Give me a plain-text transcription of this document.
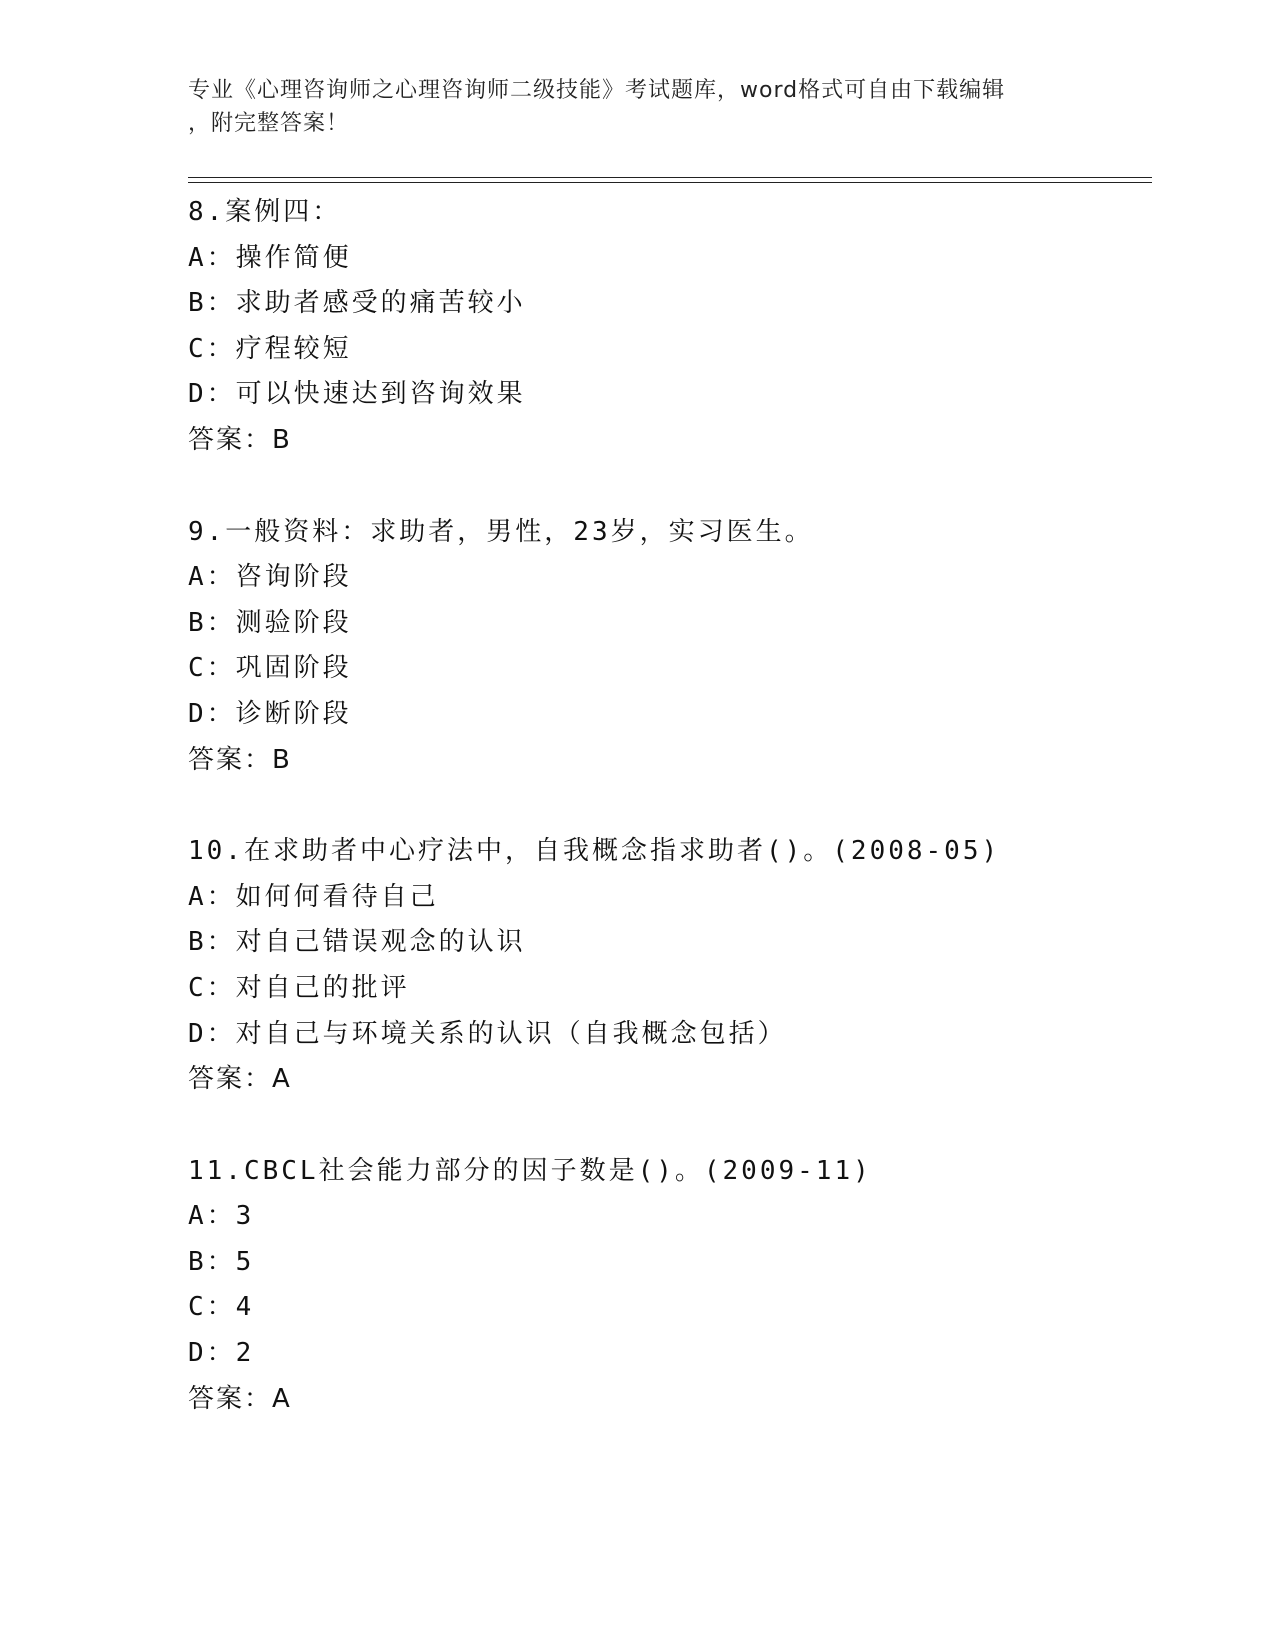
专业《心理咨询师之心理咨询师二级技能》考试题库，word格式可自由下载编辑
，附完整答案！
8.案例四：
A：操作简便
B：求助者感受的痛苦较小
C：疗程较短
D：可以快速达到咨询效果
答案：B
9.一般资料：求助者，男性，23岁，实习医生。
A：咨询阶段
B：测验阶段
C：巩固阶段
D：诊断阶段
答案：B
10.在求助者中心疗法中，自我概念指求助者()。(2008-05)
A：如何何看待自己
B：对自己错误观念的认识
C：对自己的批评
D：对自己与环境关系的认识（自我概念包括）
答案：A
11.CBCL社会能力部分的因子数是()。(2009-11)
A：3
B：5
C：4
D：2
答案：A
